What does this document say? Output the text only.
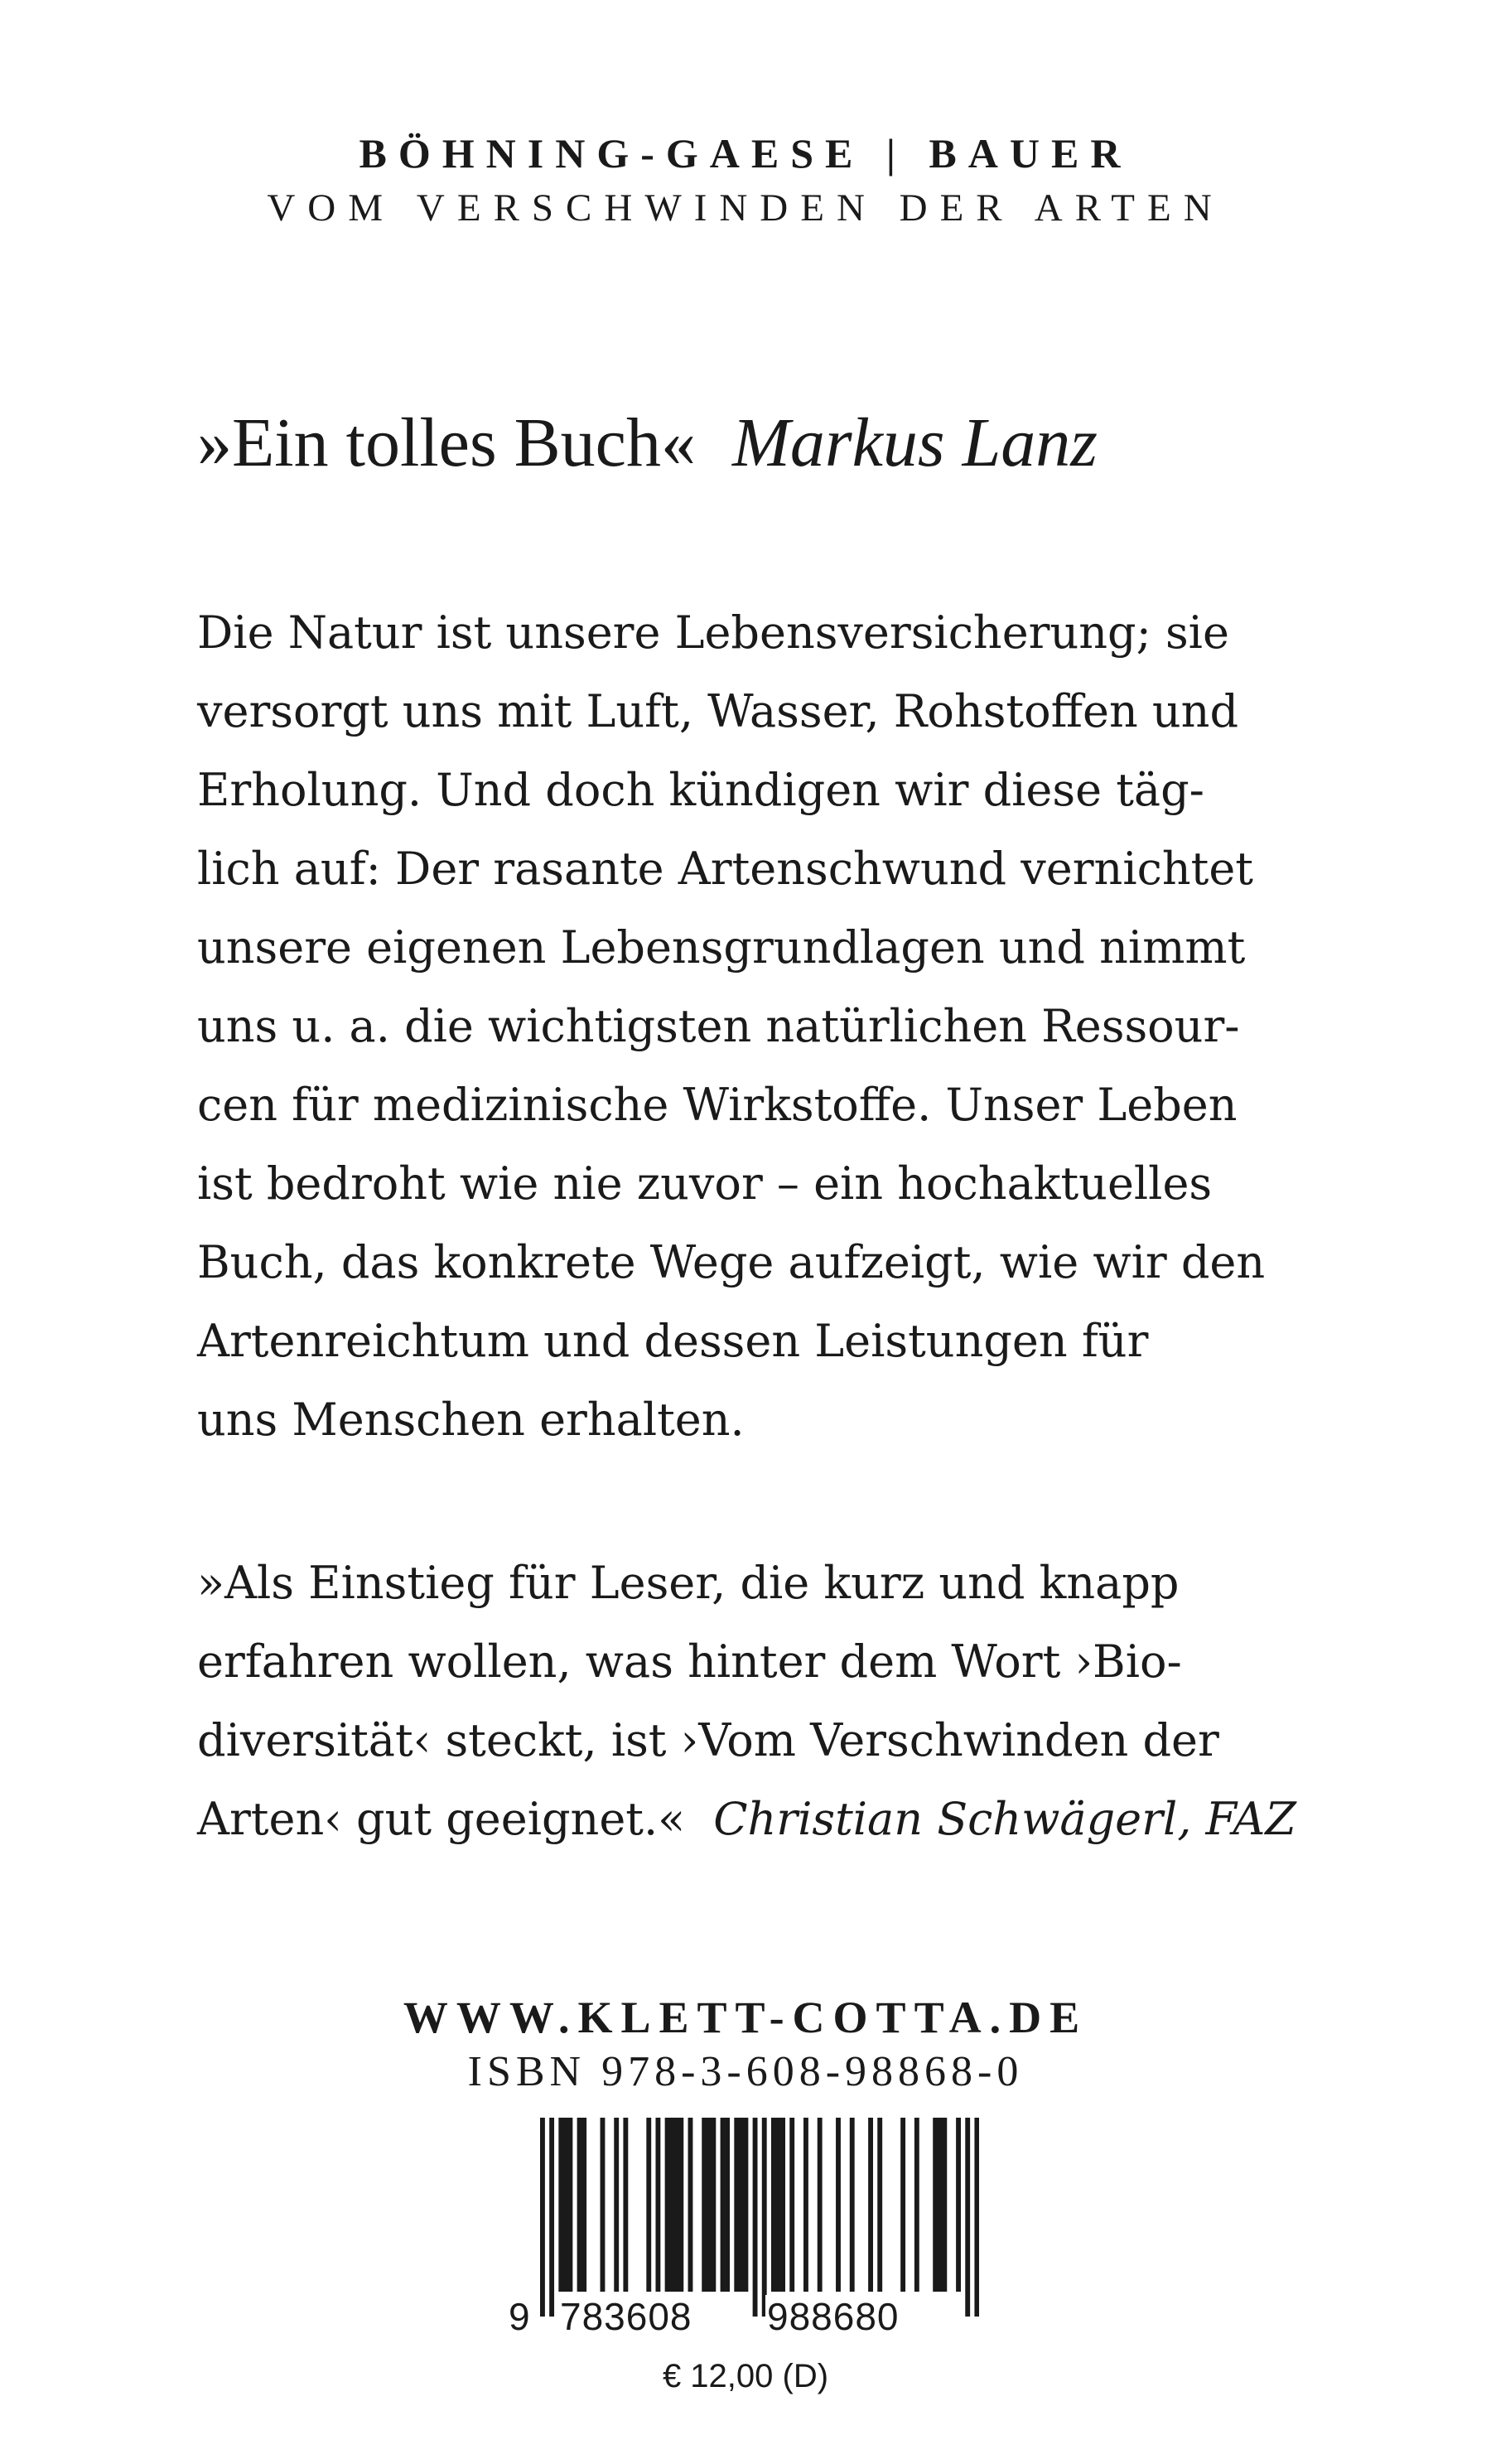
BÖHNING-GAESE | BAUER
VOM VERSCHWINDEN DER ARTEN
»Ein tolles Buch« Markus Lanz

Die Natur ist unsere Lebensversicherung; sie
versorgt uns mit Luft, Wasser, Rohstoffen und
Erholung. Und doch kündigen wir diese täg-
lich auf: Der rasante Artenschwund vernichtet
unsere eigenen Lebensgrundlagen und nimmt
uns u. a. die wichtigsten natürlichen Ressour-
cen für medizinische Wirkstoffe. Unser Leben
ist bedroht wie nie zuvor – ein hochaktuelles
Buch, das konkrete Wege aufzeigt, wie wir den
Artenreichtum und dessen Leistungen für
uns Menschen erhalten.

»Als Einstieg für Leser, die kurz und knapp
erfahren wollen, was hinter dem Wort ›Bio-
diversität‹ steckt, ist ›Vom Verschwinden der
Arten‹ gut geeignet.« Christian Schwägerl, FAZ

WWW.KLETT-COTTA.DE
ISBN 978-3-608-98868-0
9 783608 988680
€ 12,00 (D)
